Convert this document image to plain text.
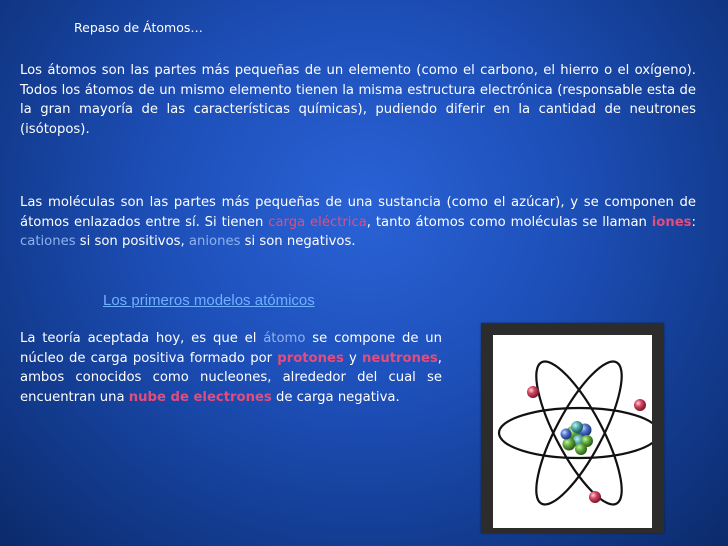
Repaso de Átomos…
Los átomos son las partes más pequeñas de un elemento (como el carbono, el hierro o el oxígeno). Todos los átomos de un mismo elemento tienen la misma estructura electrónica (responsable esta de la gran mayoría de las características químicas), pudiendo diferir en la cantidad de neutrones (isótopos).
Las moléculas son las partes más pequeñas de una sustancia (como el azúcar), y se componen de átomos enlazados entre sí. Si tienen carga eléctrica, tanto átomos como moléculas se llaman iones: cationes si son positivos, aniones si son negativos.
Los primeros modelos atómicos
La teoría aceptada hoy, es que el átomo se compone de un núcleo de carga positiva formado por protones y neutrones, ambos conocidos como nucleones, alrededor del cual se encuentran una nube de electrones de carga negativa.
